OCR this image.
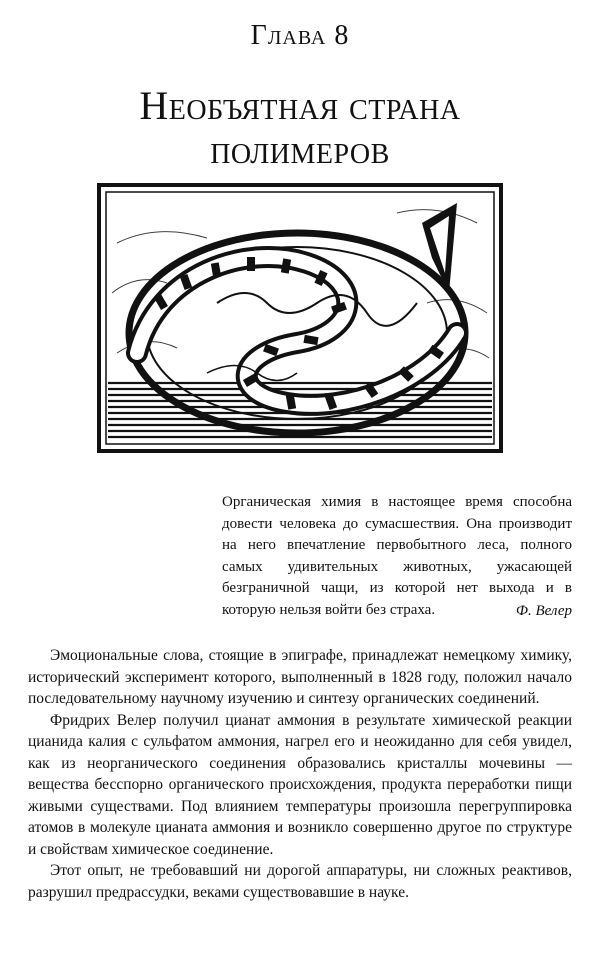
Глава 8
Необъятная страна
полимеров
Органическая химия в настоящее время способна довести человека до сумасшествия. Она производит на него впечатление первобытного леса, полного самых удивительных животных, ужасающей безграничной чащи, из которой нет выхода и в которую нельзя войти без страха.	Ф. Велер

Эмоциональные слова, стоящие в эпиграфе, принадлежат немецкому химику, исторический эксперимент которого, выполненный в 1828 году, положил начало последовательному научному изучению и синтезу органических соединений.

Фридрих Велер получил цианат аммония в результате химической реакции цианида калия с сульфатом аммония, нагрел его и неожиданно для себя увидел, как из неорганического соединения образовались кристаллы мочевины — вещества бесспорно органического происхождения, продукта переработки пищи живыми существами. Под влиянием температуры произошла перегруппировка атомов в молекуле цианата аммония и возникло совершенно другое по структуре и свойствам химическое соединение.

Этот опыт, не требовавший ни дорогой аппаратуры, ни сложных реактивов, разрушил предрассудки, веками существовавшие в науке.
